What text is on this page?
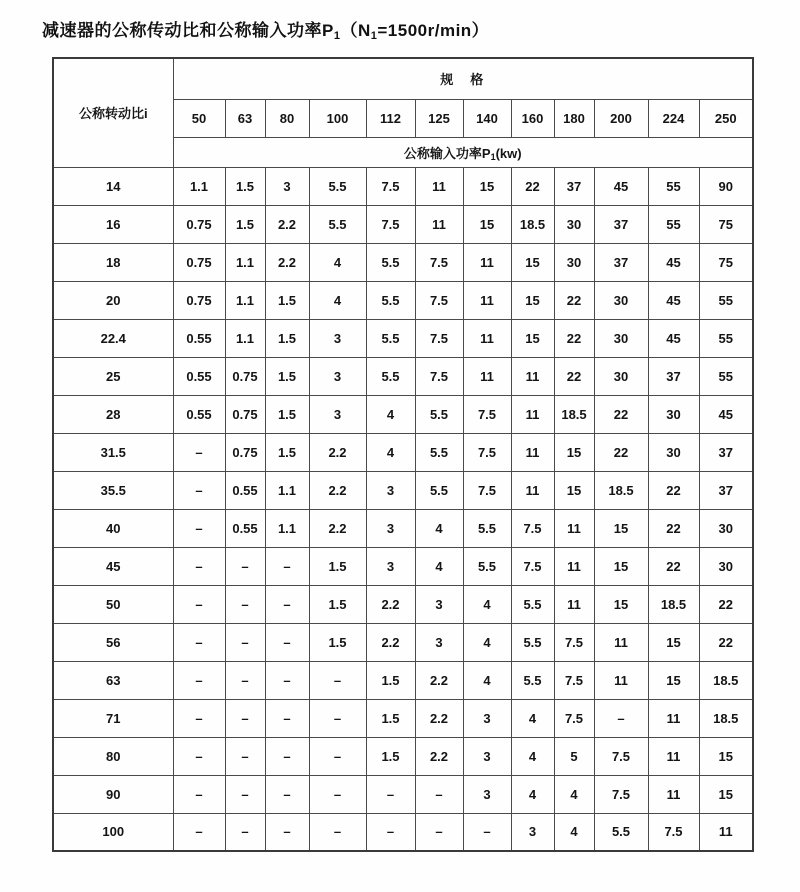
减速器的公称传动比和公称输入功率$P_1(N_1=1500r/\min)$
公称转动比i	规　格											
	50	63	80	100	112	125	140	160	180	200	224	250
	公称输入功率$P_1(kw)$											
14	1.1	1.5	3	5.5	7.5	11	15	22	37	45	55	90
16	0.75	1.5	2.2	5.5	7.5	11	15	18.5	30	37	55	75
18	0.75	1.1	2.2	4	5.5	7.5	11	15	30	37	45	75
20	0.75	1.1	1.5	4	5.5	7.5	11	15	22	30	45	55
22.4	0.55	1.1	1.5	3	5.5	7.5	11	15	22	30	45	55
25	0.55	0.75	1.5	3	5.5	7.5	11	11	22	30	37	55
28	0.55	0.75	1.5	3	4	5.5	7.5	11	18.5	22	30	45
31.5	–	0.75	1.5	2.2	4	5.5	7.5	11	15	22	30	37
35.5	–	0.55	1.1	2.2	3	5.5	7.5	11	15	18.5	22	37
40	–	0.55	1.1	2.2	3	4	5.5	7.5	11	15	22	30
45	–	–	–	1.5	3	4	5.5	7.5	11	15	22	30
50	–	–	–	1.5	2.2	3	4	5.5	11	15	18.5	22
56	–	–	–	1.5	2.2	3	4	5.5	7.5	11	15	22
63	–	–	–	–	1.5	2.2	4	5.5	7.5	11	15	18.5
71	–	–	–	–	1.5	2.2	3	4	7.5	–	11	18.5
80	–	–	–	–	1.5	2.2	3	4	5	7.5	11	15
90	–	–	–	–	–	–	3	4	4	7.5	11	15
100	–	–	–	–	–	–	–	3	4	5.5	7.5	11
